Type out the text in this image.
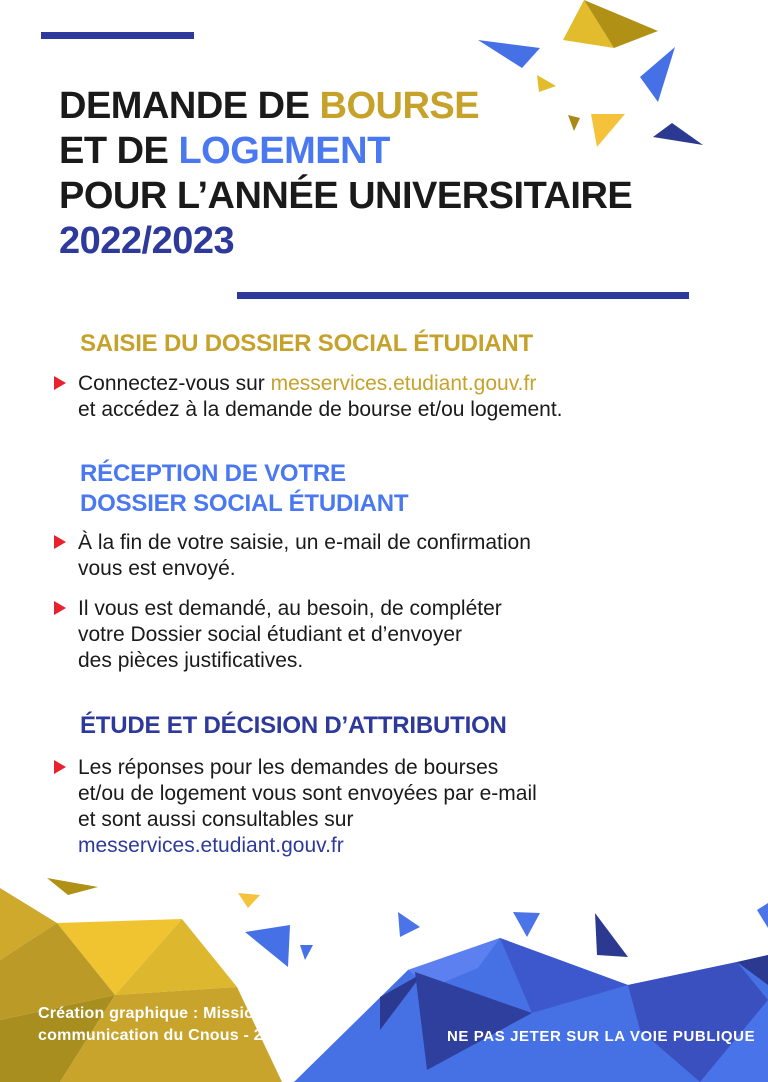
DEMANDE DE BOURSE
ET DE LOGEMENT
POUR L’ANNÉE UNIVERSITAIRE
2022/2023
SAISIE DU DOSSIER SOCIAL ÉTUDIANT
Connectez-vous sur messervices.etudiant.gouv.fr
et accédez à la demande de bourse et/ou logement.
RÉCEPTION DE VOTRE
DOSSIER SOCIAL ÉTUDIANT
À la fin de votre saisie, un e-mail de confirmation
vous est envoyé.
Il vous est demandé, au besoin, de compléter
votre Dossier social étudiant et d’envoyer
des pièces justificatives.
ÉTUDE ET DÉCISION D’ATTRIBUTION
Les réponses pour les demandes de bourses
et/ou de logement vous sont envoyées par e-mail
et sont aussi consultables sur
messervices.etudiant.gouv.fr
Création graphique : Mission
communication du Cnous - 2021	NE PAS JETER SUR LA VOIE PUBLIQUE
